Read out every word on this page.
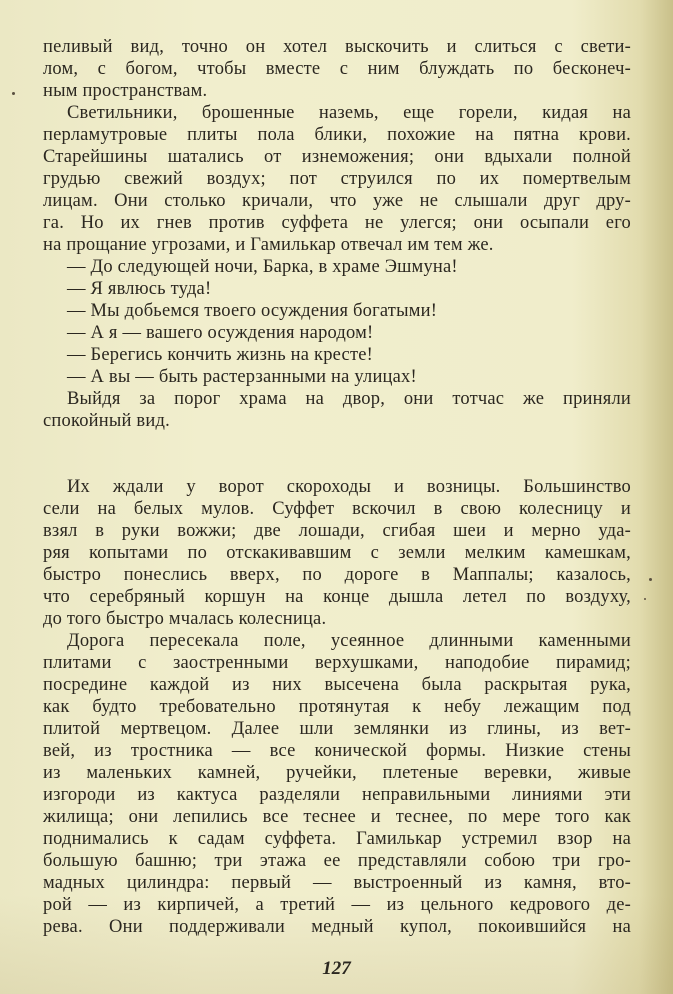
пеливый вид, точно он хотел выскочить и слиться с свети-
лом, с богом, чтобы вместе с ним блуждать по бесконеч-
ным пространствам.
Светильники, брошенные наземь, еще горели, кидая на
перламутровые плиты пола блики, похожие на пятна крови.
Старейшины шатались от изнеможения; они вдыхали полной
грудью свежий воздух; пот струился по их помертвелым
лицам. Они столько кричали, что уже не слышали друг дру-
га. Но их гнев против суффета не улегся; они осыпали его
на прощание угрозами, и Гамилькар отвечал им тем же.
— До следующей ночи, Барка, в храме Эшмуна!
— Я явлюсь туда!
— Мы добьемся твоего осуждения богатыми!
— А я — вашего осуждения народом!
— Берегись кончить жизнь на кресте!
— А вы — быть растерзанными на улицах!
Выйдя за порог храма на двор, они тотчас же приняли
спокойный вид.
Их ждали у ворот скороходы и возницы. Большинство
сели на белых мулов. Суффет вскочил в свою колесницу и
взял в руки вожжи; две лошади, сгибая шеи и мерно уда-
ряя копытами по отскакивавшим с земли мелким камешкам,
быстро понеслись вверх, по дороге в Маппалы; казалось,
что серебряный коршун на конце дышла летел по воздуху,
до того быстро мчалась колесница.
Дорога пересекала поле, усеянное длинными каменными
плитами с заостренными верхушками, наподобие пирамид;
посредине каждой из них высечена была раскрытая рука,
как будто требовательно протянутая к небу лежащим под
плитой мертвецом. Далее шли землянки из глины, из вет-
вей, из тростника — все конической формы. Низкие стены
из маленьких камней, ручейки, плетеные веревки, живые
изгороди из кактуса разделяли неправильными линиями эти
жилища; они лепились все теснее и теснее, по мере того как
поднимались к садам суффета. Гамилькар устремил взор на
большую башню; три этажа ее представляли собою три гро-
мадных цилиндра: первый — выстроенный из камня, вто-
рой — из кирпичей, а третий — из цельного кедрового де-
рева. Они поддерживали медный купол, покоившийся на
127
